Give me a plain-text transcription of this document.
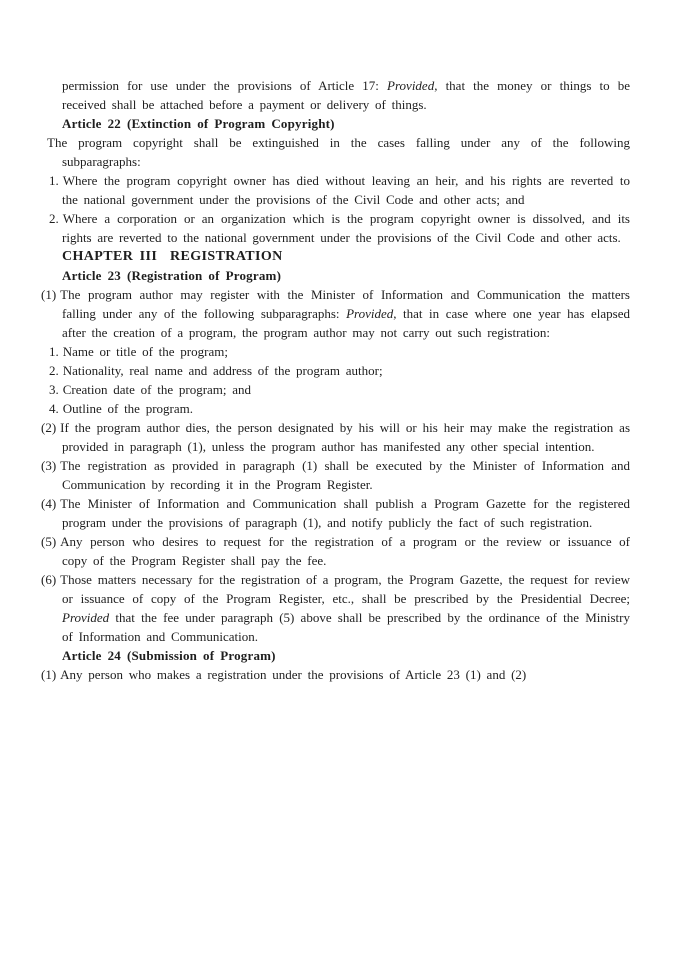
permission for use under the provisions of Article 17: Provided, that the money or things to be received shall be attached before a payment or delivery of things.

Article 22 (Extinction of Program Copyright)

The program copyright shall be extinguished in the cases falling under any of the following subparagraphs:

1. Where the program copyright owner has died without leaving an heir, and his rights are reverted to the national government under the provisions of the Civil Code and other acts; and
2. Where a corporation or an organization which is the program copyright owner is dissolved, and its rights are reverted to the national government under the provisions of the Civil Code and other acts.
CHAPTER III  REGISTRATION
Article 23 (Registration of Program)
(1) The program author may register with the Minister of Information and Communication the matters falling under any of the following subparagraphs: Provided, that in case where one year has elapsed after the creation of a program, the program author may not carry out such registration:
1. Name or title of the program;
2. Nationality, real name and address of the program author;
3. Creation date of the program; and
4. Outline of the program.
(2) If the program author dies, the person designated by his will or his heir may make the registration as provided in paragraph (1), unless the program author has manifested any other special intention.
(3) The registration as provided in paragraph (1) shall be executed by the Minister of Information and Communication by recording it in the Program Register.
(4) The Minister of Information and Communication shall publish a Program Gazette for the registered program under the provisions of paragraph (1), and notify publicly the fact of such registration.
(5) Any person who desires to request for the registration of a program or the review or issuance of copy of the Program Register shall pay the fee.
(6) Those matters necessary for the registration of a program, the Program Gazette, the request for review or issuance of copy of the Program Register, etc., shall be prescribed by the Presidential Decree; Provided that the fee under paragraph (5) above shall be prescribed by the ordinance of the Ministry of Information and Communication.
Article 24 (Submission of Program)
(1) Any person who makes a registration under the provisions of Article 23 (1) and (2)
